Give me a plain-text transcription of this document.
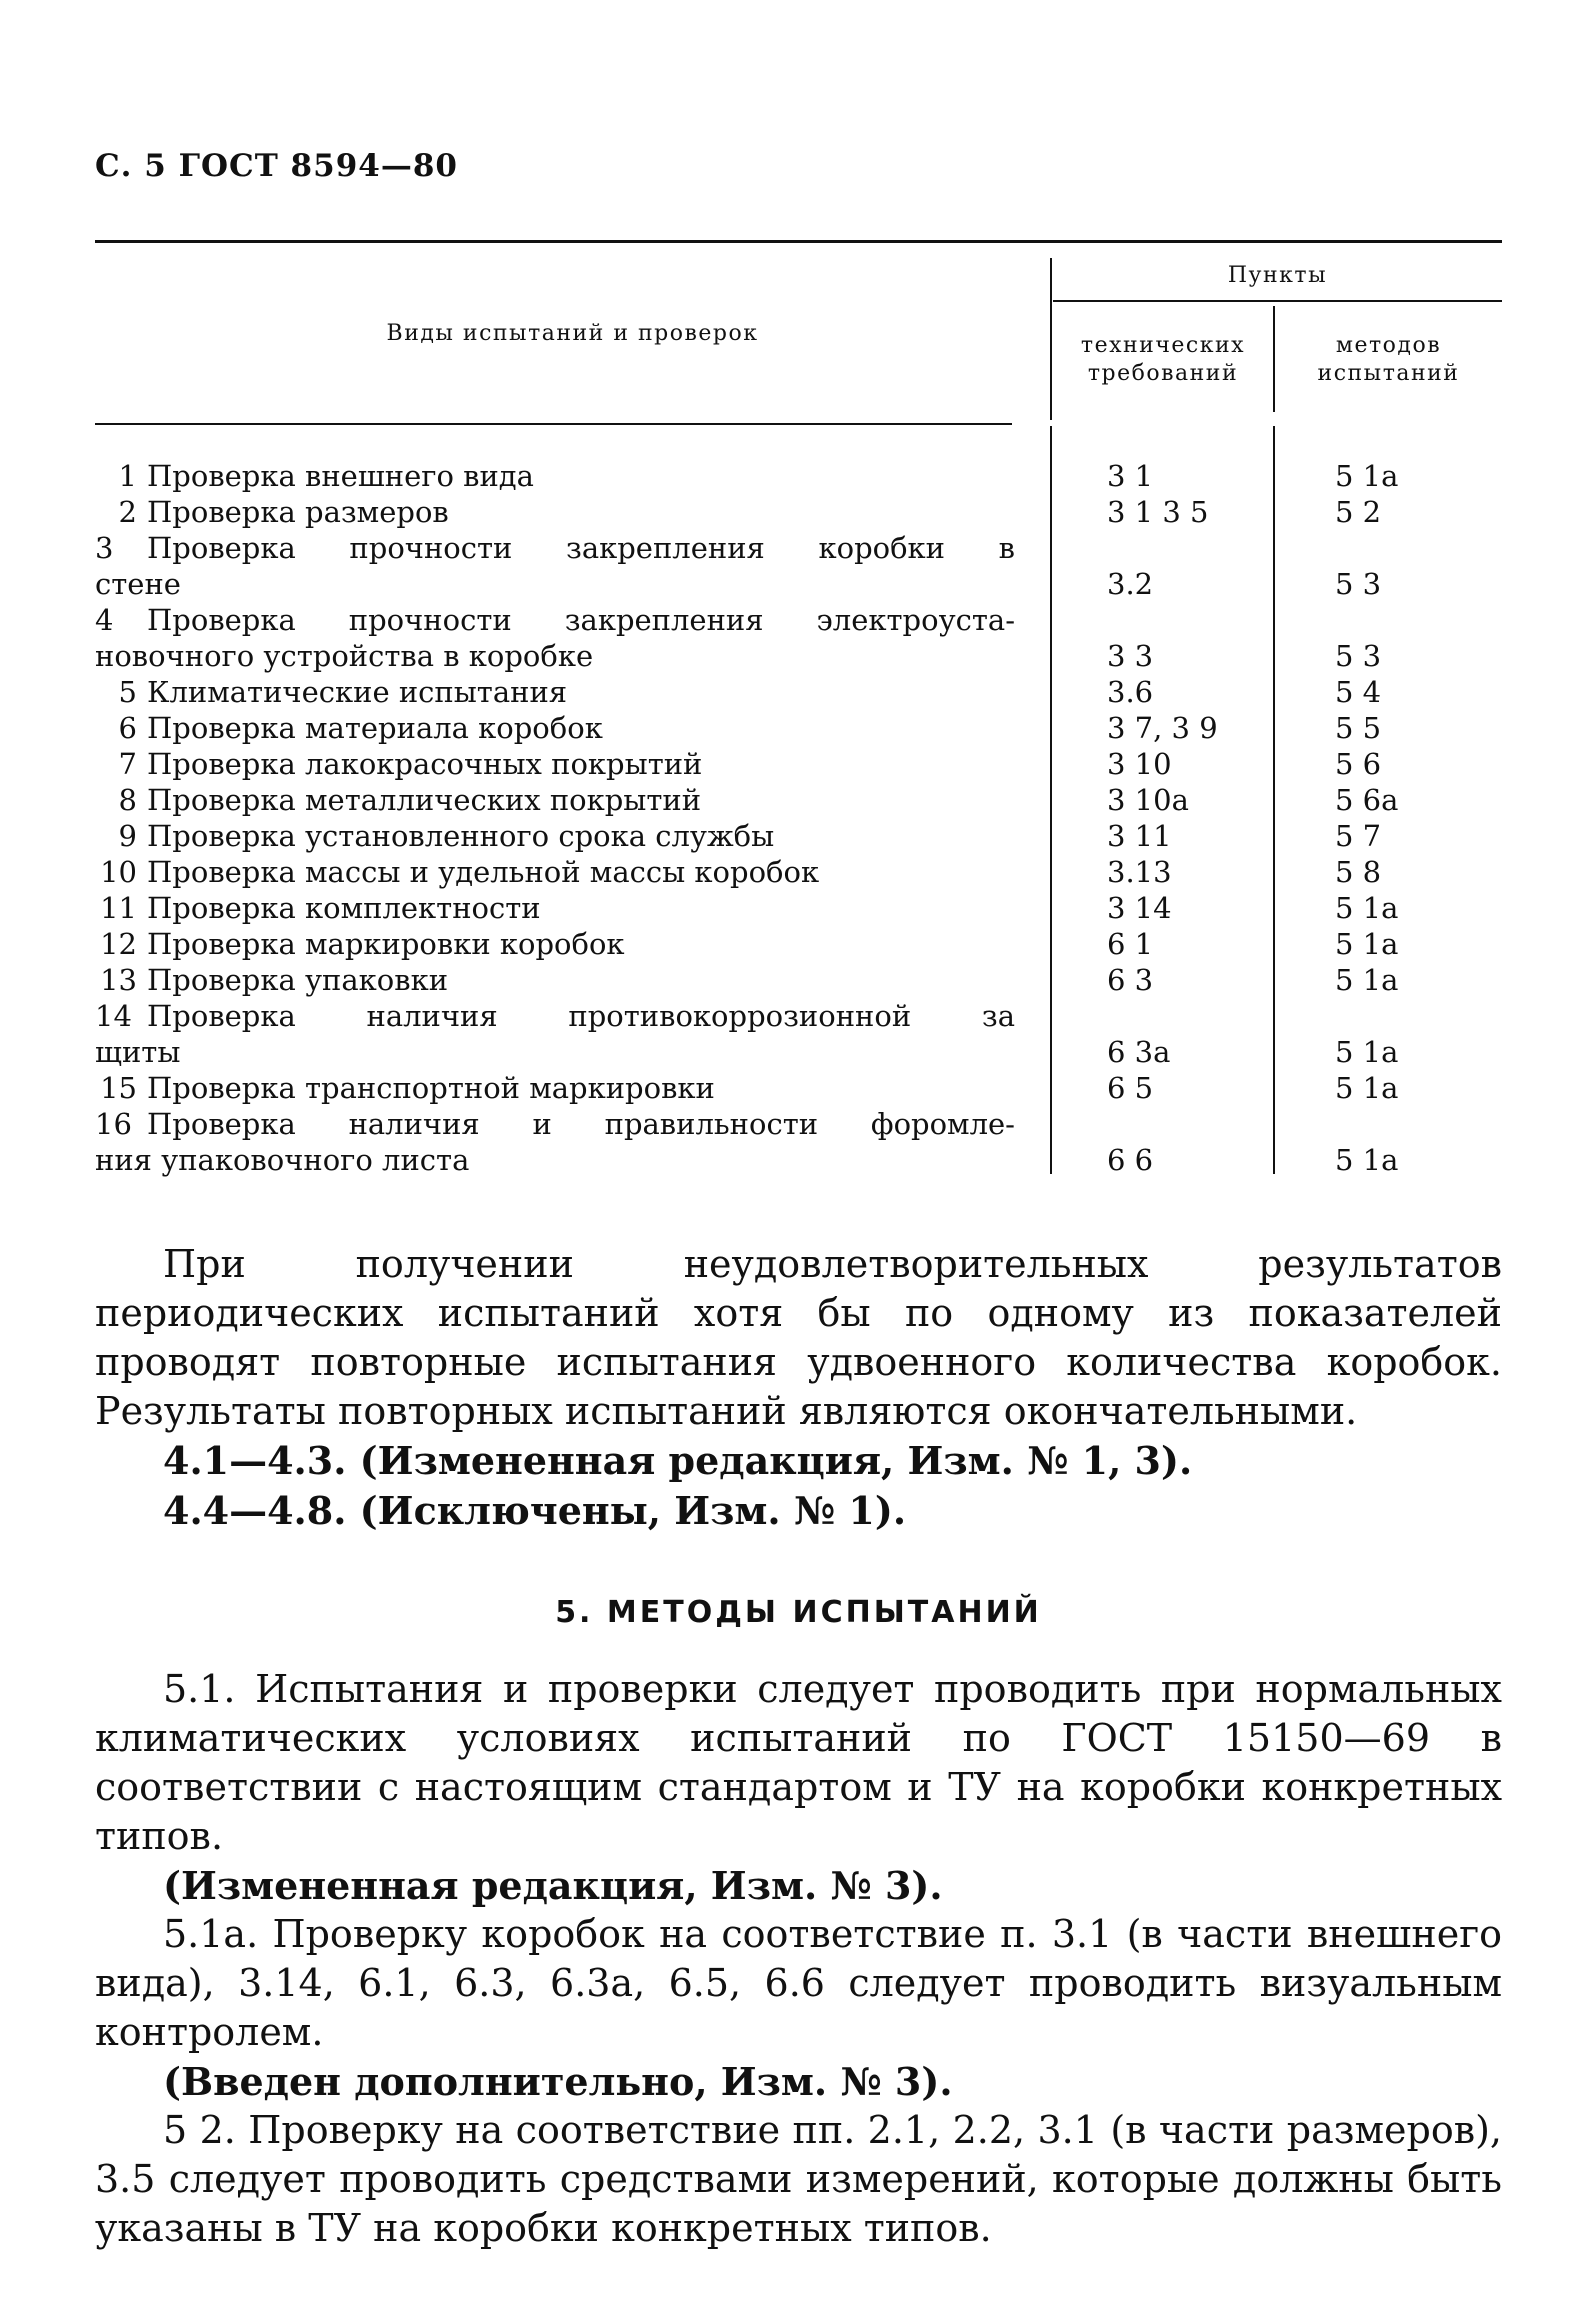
С. 5 ГОСТ 8594—80
Виды испытаний и проверок
Пункты
технических
требований
методов
испытаний
1 Проверка внешнего вида	3 1	5 1а
2 Проверка размеров	3 1 3 5	5 2
3 Проверка прочности закрепления коробки в
стене	3.2	5 3
4 Проверка прочности закрепления электроуста-
новочного устройства в коробке	3 3	5 3
5 Климатические испытания	3.6	5 4
6 Проверка материала коробок	3 7, 3 9	5 5
7 Проверка лакокрасочных покрытий	3 10	5 6
8 Проверка металлических покрытий	3 10а	5 6а
9 Проверка установленного срока службы	3 11	5 7
10 Проверка массы и удельной массы коробок	3.13	5 8
11 Проверка комплектности	3 14	5 1а
12 Проверка маркировки коробок	6 1	5 1а
13 Проверка упаковки	6 3	5 1а
14 Проверка наличия противокоррозионной за
щиты	6 3а	5 1а
15 Проверка транспортной маркировки	6 5	5 1а
16 Проверка наличия и правильности форомле-
ния упаковочного листа	6 6	5 1а

При получении неудовлетворительных результатов периодических испытаний хотя бы по одному из показателей проводят повторные испытания удвоенного количества коробок. Результаты повторных испытаний являются окончательными.

4.1—4.3. (Измененная редакция, Изм. № 1, 3).

4.4—4.8. (Исключены, Изм. № 1).

5. МЕТОДЫ ИСПЫТАНИЙ

5.1. Испытания и проверки следует проводить при нормальных климатических условиях испытаний по ГОСТ 15150—69 в соответствии с настоящим стандартом и ТУ на коробки конкретных типов.

(Измененная редакция, Изм. № 3).

5.1а. Проверку коробок на соответствие п. 3.1 (в части внешнего вида), 3.14, 6.1, 6.3, 6.3а, 6.5, 6.6 следует проводить визуальным контролем.

(Введен дополнительно, Изм. № 3).

5 2. Проверку на соответствие пп. 2.1, 2.2, 3.1 (в части размеров), 3.5 следует проводить средствами измерений, которые должны быть указаны в ТУ на коробки конкретных типов.
